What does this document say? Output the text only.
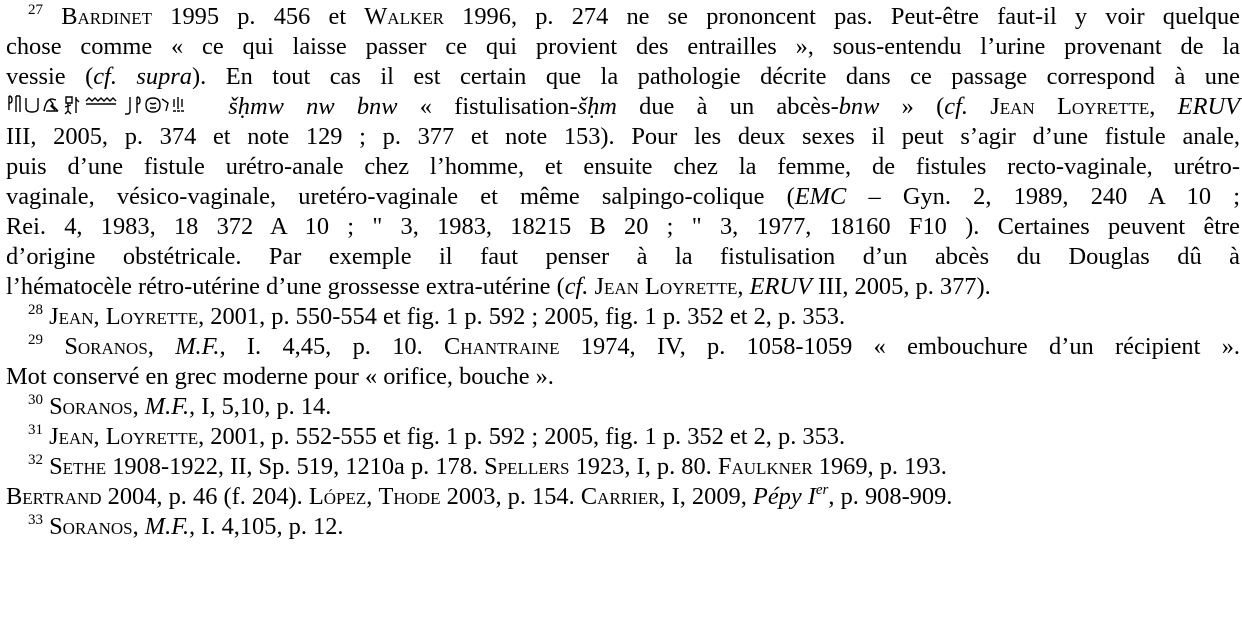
$^{27}$ Bardinet 1995 p. 456 et Walker 1996, p. 274 ne se prononcent pas. Peut-être faut-il y voir quelque
chose comme « ce qui laisse passer ce qui provient des entrailles », sous-entendu l’urine provenant de la
vessie (cf. supra). En tout cas il est certain que la pathologie décrite dans ce passage correspond à une
šḥmw nw bnw « fistulisation-šḥm due à un abcès-bnw » (cf. Jean Loyrette, ERUV
III, 2005, p. 374 et note 129 ; p. 377 et note 153). Pour les deux sexes il peut s’agir d’une fistule anale,
puis d’une fistule urétro-anale chez l’homme, et ensuite chez la femme, de fistules recto-vaginale, urétro-
vaginale, vésico-vaginale, uretéro-vaginale et même salpingo-colique (EMC – Gyn. 2, 1989, 240 A 10 ;
Rei. 4, 1983, 18 372 A 10 ; " 3, 1983, 18215 B 20 ; " 3, 1977, 18160 F10 ). Certaines peuvent être
d’origine obstétricale. Par exemple il faut penser à la fistulisation d’un abcès du Douglas dû à
l’hématocèle rétro-utérine d’une grossesse extra-utérine (cf. Jean Loyrette, ERUV III, 2005, p. 377).
$^{28}$ Jean, Loyrette, 2001, p. 550-554 et fig. 1 p. 592 ; 2005, fig. 1 p. 352 et 2, p. 353.
$^{29}$ Soranos, M.F., I. 4,45, p. 10. Chantraine 1974, IV, p. 1058-1059 « embouchure d’un récipient ».
Mot conservé en grec moderne pour « orifice, bouche ».
$^{30}$ Soranos, M.F., I, 5,10, p. 14.
$^{31}$ Jean, Loyrette, 2001, p. 552-555 et fig. 1 p. 592 ; 2005, fig. 1 p. 352 et 2, p. 353.
$^{32}$ Sethe 1908-1922, II, Sp. 519, 1210a p. 178. Spellers 1923, I, p. 80. Faulkner 1969, p. 193.
Bertrand 2004, p. 46 (f. 204). López, Thode 2003, p. 154. Carrier, I, 2009, Pépy Ier, p. 908-909.
$^{33}$ Soranos, M.F., I. 4,105, p. 12.
